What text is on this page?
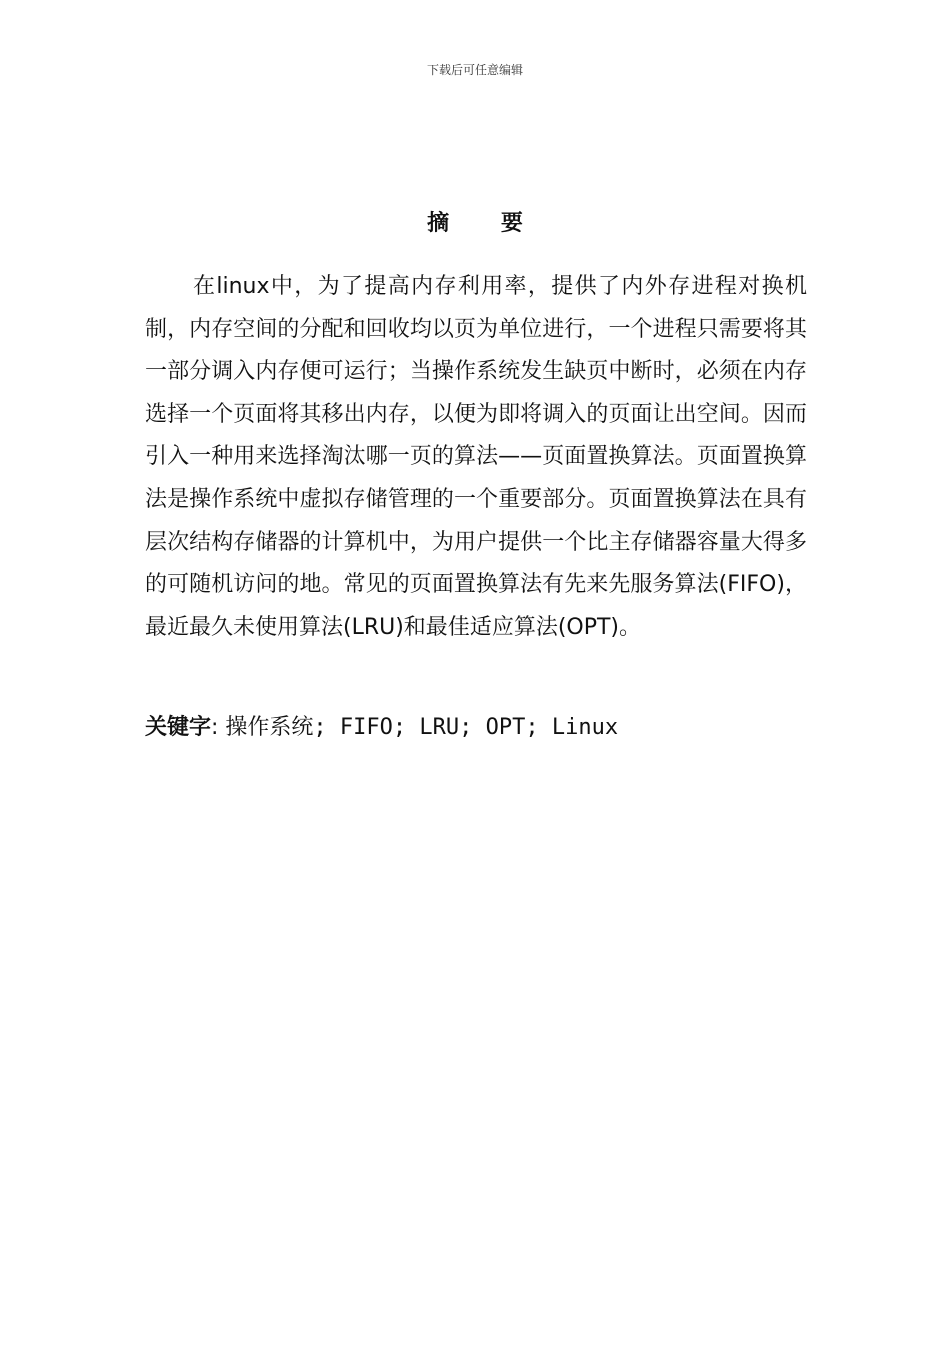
下载后可任意编辑
摘 要

在linux中，为了提高内存利用率，提供了内外存进程对换机制，内存空间的分配和回收均以页为单位进行，一个进程只需要将其一部分调入内存便可运行；当操作系统发生缺页中断时，必须在内存选择一个页面将其移出内存，以便为即将调入的页面让出空间。因而引入一种用来选择淘汰哪一页的算法——页面置换算法。页面置换算法是操作系统中虚拟存储管理的一个重要部分。页面置换算法在具有层次结构存储器的计算机中，为用户提供一个比主存储器容量大得多的可随机访问的地。常见的页面置换算法有先来先服务算法(FIFO)，最近最久未使用算法(LRU)和最佳适应算法(OPT)。

关键字: 操作系统; FIFO; LRU; OPT; Linux
